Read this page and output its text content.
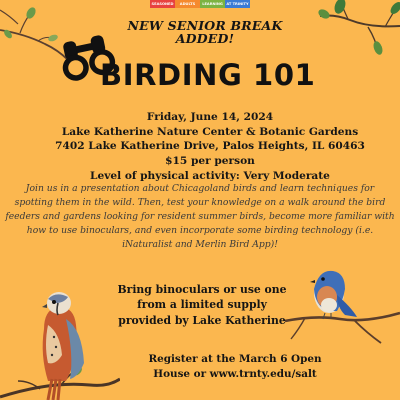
SEASONED	ADULTS	LEARNING	AT TRINITY
NEW SENIOR BREAK
ADDED!
BIRDING 101
Friday, June 14, 2024
Lake Katherine Nature Center & Botanic Gardens
7402 Lake Katherine Drive, Palos Heights, IL 60463
$15 per person
Level of physical activity: Very Moderate
Join us in a presentation about Chicagoland birds and learn techniques for
spotting them in the wild. Then, test your knowledge on a walk around the bird
feeders and gardens looking for resident summer birds, become more familiar with
how to use binoculars, and even incorporate some birding technology (i.e.
iNaturalist and Merlin Bird App)!
Bring binoculars or use one
from a limited supply
provided by Lake Katherine
Register at the March 6 Open
House or www.trnty.edu/salt
